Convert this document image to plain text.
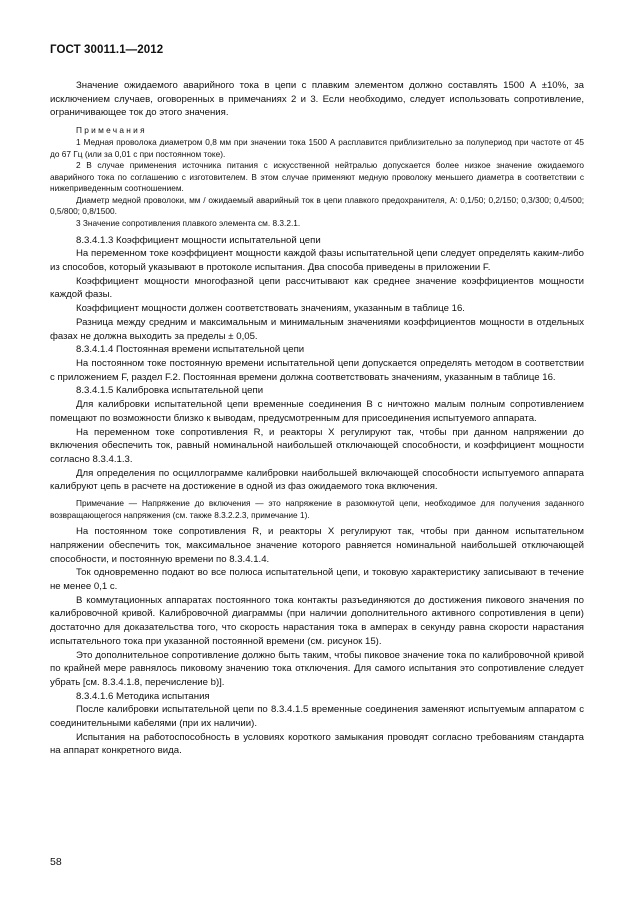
ГОСТ 30011.1—2012

Значение ожидаемого аварийного тока в цепи с плавким элементом должно составлять 1500 А ±10%, за исключением случаев, оговоренных в примечаниях 2 и 3. Если необходимо, следует использовать сопротивление, ограничивающее ток до этого значения.

Примечания

1 Медная проволока диаметром 0,8 мм при значении тока 1500 А расплавится приблизительно за полупериод при частоте от 45 до 67 Гц (или за 0,01 с при постоянном токе).

2 В случае применения источника питания с искусственной нейтралью допускается более низкое значение ожидаемого аварийного тока по соглашению с изготовителем. В этом случае применяют медную проволоку меньшего диаметра в соответствии с нижеприведенным соотношением.

Диаметр медной проволоки, мм / ожидаемый аварийный ток в цепи плавкого предохранителя, А: 0,1/50; 0,2/150; 0,3/300; 0,4/500; 0,5/800; 0,8/1500.

3 Значение сопротивления плавкого элемента см. 8.3.2.1.

8.3.4.1.3 Коэффициент мощности испытательной цепи

На переменном токе коэффициент мощности каждой фазы испытательной цепи следует определять каким-либо из способов, который указывают в протоколе испытания. Два способа приведены в приложении F.

Коэффициент мощности многофазной цепи рассчитывают как среднее значение коэффициентов мощности каждой фазы.

Коэффициент мощности должен соответствовать значениям, указанным в таблице 16.

Разница между средним и максимальным и минимальным значениями коэффициентов мощности в отдельных фазах не должна выходить за пределы ± 0,05.

8.3.4.1.4 Постоянная времени испытательной цепи

На постоянном токе постоянную времени испытательной цепи допускается определять методом в соответствии с приложением F, раздел F.2. Постоянная времени должна соответствовать значениям, указанным в таблице 16.

8.3.4.1.5 Калибровка испытательной цепи

Для калибровки испытательной цепи временные соединения B с ничтожно малым полным сопротивлением помещают по возможности близко к выводам, предусмотренным для присоединения испытуемого аппарата.

На переменном токе сопротивления R, и реакторы X регулируют так, чтобы при данном напряжении до включения обеспечить ток, равный номинальной наибольшей отключающей способности, и коэффициент мощности согласно 8.3.4.1.3.

Для определения по осциллограмме калибровки наибольшей включающей способности испытуемого аппарата калибруют цепь в расчете на достижение в одной из фаз ожидаемого тока включения.

Примечание — Напряжение до включения — это напряжение в разомкнутой цепи, необходимое для получения заданного возвращающегося напряжения (см. также 8.3.2.2.3, примечание 1).

На постоянном токе сопротивления R, и реакторы X регулируют так, чтобы при данном испытательном напряжении обеспечить ток, максимальное значение которого равняется номинальной наибольшей отключающей способности, и постоянную времени по 8.3.4.1.4.

Ток одновременно подают во все полюса испытательной цепи, и токовую характеристику записывают в течение не менее 0,1 с.

В коммутационных аппаратах постоянного тока контакты разъединяются до достижения пикового значения по калибровочной кривой. Калибровочной диаграммы (при наличии дополнительного активного сопротивления в цепи) достаточно для доказательства того, что скорость нарастания тока в амперах в секунду равна скорости нарастания испытательного тока при указанной постоянной времени (см. рисунок 15).

Это дополнительное сопротивление должно быть таким, чтобы пиковое значение тока по калибровочной кривой по крайней мере равнялось пиковому значению тока отключения. Для самого испытания это сопротивление следует убрать [см. 8.3.4.1.8, перечисление b)].

8.3.4.1.6 Методика испытания

После калибровки испытательной цепи по 8.3.4.1.5 временные соединения заменяют испытуемым аппаратом с соединительными кабелями (при их наличии).

Испытания на работоспособность в условиях короткого замыкания проводят согласно требованиям стандарта на аппарат конкретного вида.

58
